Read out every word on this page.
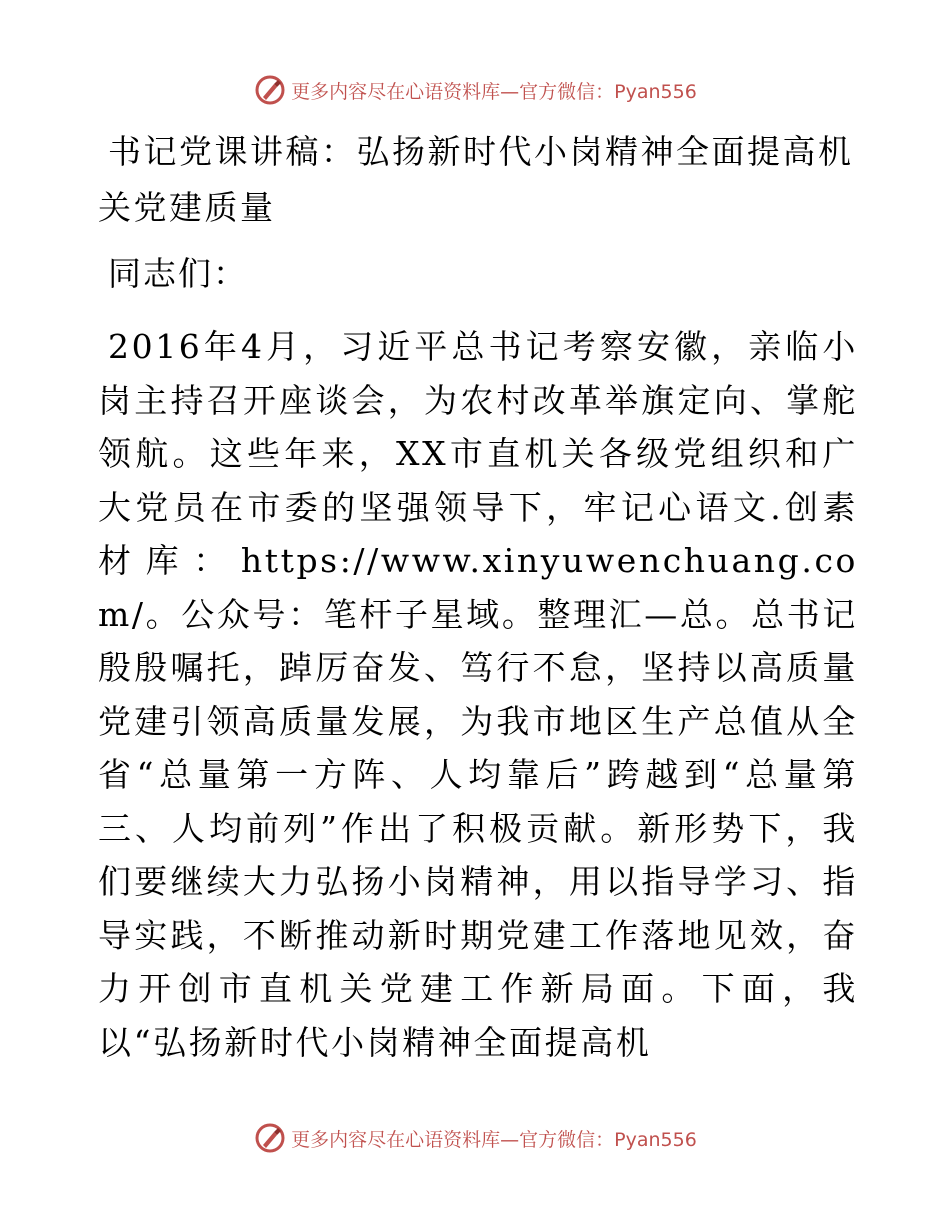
更多内容尽在心语资料库—官方微信：Pyan556
书记党课讲稿：弘扬新时代小岗精神全面提高机关党建质量

同志们：

2016年4月，习近平总书记考察安徽，亲临小岗主持召开座谈会，为农村改革举旗定向、掌舵领航。这些年来，XX市直机关各级党组织和广大党员在市委的坚强领导下，牢记心语文.创素材库：https://www.xinyuwenchuang.com/。公众号：笔杆子星域。整理汇—总。总书记殷殷嘱托，踔厉奋发、笃行不怠，坚持以高质量党建引领高质量发展，为我市地区生产总值从全省“总量第一方阵、人均靠后”跨越到“总量第三、人均前列”作出了积极贡献。新形势下，我们要继续大力弘扬小岗精神，用以指导学习、指导实践，不断推动新时期党建工作落地见效，奋力开创市直机关党建工作新局面。下面，我以“弘扬新时代小岗精神全面提高机

更多内容尽在心语资料库—官方微信：Pyan556
